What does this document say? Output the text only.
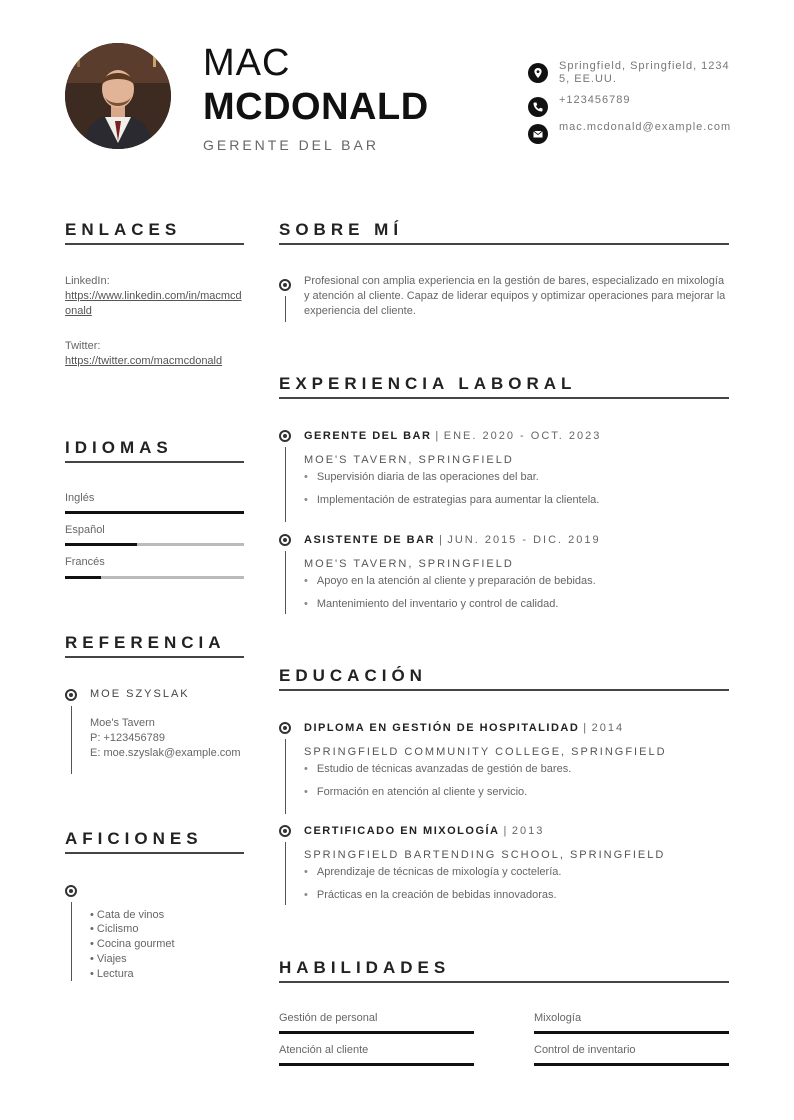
MAC
MCDONALD
GERENTE DEL BAR
Springfield, Springfield, 12345, EE.UU.
+123456789
mac.mcdonald@example.com
ENLACES
LinkedIn:
https://www.linkedin.com/in/macmcdonald
Twitter:
https://twitter.com/macmcdonald
IDIOMAS
Inglés
Español
Francés
REFERENCIA
MOE SZYSLAK
Moe's Tavern
P: +123456789
E: moe.szyslak@example.com
AFICIONES
• Cata de vinos
• Ciclismo
• Cocina gourmet
• Viajes
• Lectura
SOBRE MÍ
Profesional con amplia experiencia en la gestión de bares, especializado en mixología y atención al cliente. Capaz de liderar equipos y optimizar operaciones para mejorar la experiencia del cliente.
EXPERIENCIA LABORAL
GERENTE DEL BAR | ENE. 2020 - OCT. 2023
MOE'S TAVERN, SPRINGFIELD
• Supervisión diaria de las operaciones del bar.
• Implementación de estrategias para aumentar la clientela.
ASISTENTE DE BAR | JUN. 2015 - DIC. 2019
MOE'S TAVERN, SPRINGFIELD
• Apoyo en la atención al cliente y preparación de bebidas.
• Mantenimiento del inventario y control de calidad.
EDUCACIÓN
DIPLOMA EN GESTIÓN DE HOSPITALIDAD | 2014
SPRINGFIELD COMMUNITY COLLEGE, SPRINGFIELD
• Estudio de técnicas avanzadas de gestión de bares.
• Formación en atención al cliente y servicio.
CERTIFICADO EN MIXOLOGÍA | 2013
SPRINGFIELD BARTENDING SCHOOL, SPRINGFIELD
• Aprendizaje de técnicas de mixología y coctelería.
• Prácticas en la creación de bebidas innovadoras.
HABILIDADES
Gestión de personal	Mixología
Atención al cliente	Control de inventario
